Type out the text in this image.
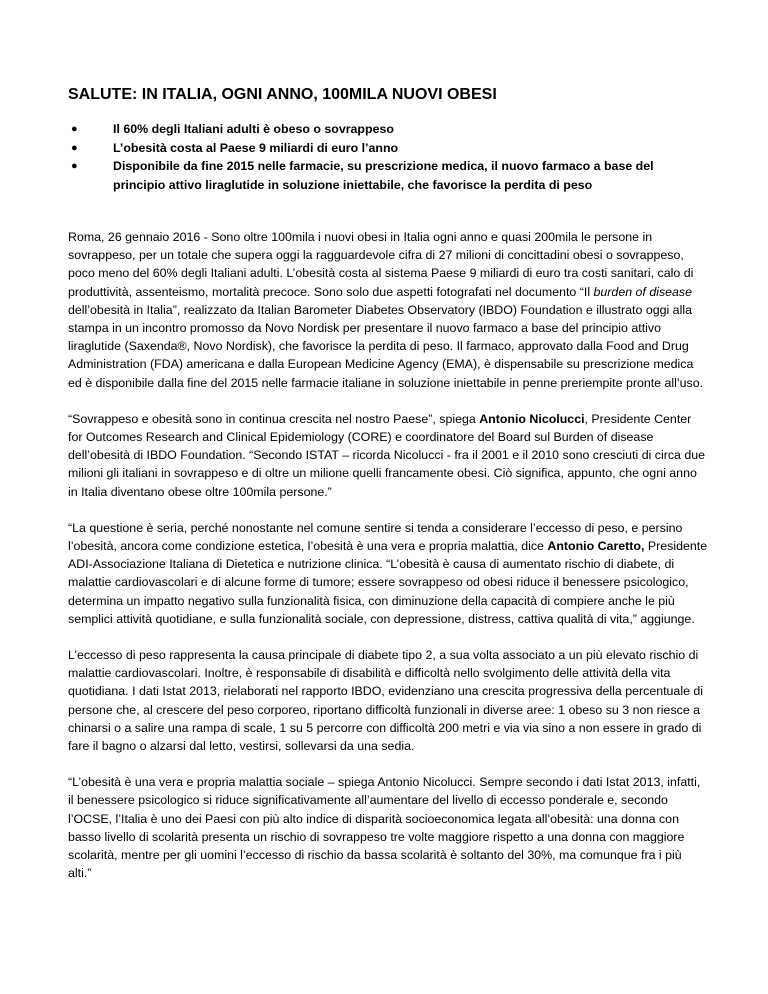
SALUTE: IN ITALIA, OGNI ANNO, 100MILA NUOVI OBESI
●	Il 60% degli Italiani adulti è obeso o sovrappeso
●	L’obesità costa al Paese 9 miliardi di euro l’anno
●	Disponibile da fine 2015 nelle farmacie, su prescrizione medica, il nuovo farmaco a base del principio attivo liraglutide in soluzione iniettabile, che favorisce la perdita di peso

Roma, 26 gennaio 2016 - Sono oltre 100mila i nuovi obesi in Italia ogni anno e quasi 200mila le persone in sovrappeso, per un totale che supera oggi la ragguardevole cifra di 27 milioni di concittadini obesi o sovrappeso, poco meno del 60% degli Italiani adulti. L’obesità costa al sistema Paese 9 miliardi di euro tra costi sanitari, calo di produttività, assenteismo, mortalità precoce. Sono solo due aspetti fotografati nel documento “Il burden of disease dell’obesità in Italia”, realizzato da Italian Barometer Diabetes Observatory (IBDO) Foundation e illustrato oggi alla stampa in un incontro promosso da Novo Nordisk per presentare il nuovo farmaco a base del principio attivo liraglutide (Saxenda®, Novo Nordisk), che favorisce la perdita di peso. Il farmaco, approvato dalla Food and Drug Administration (FDA) americana e dalla European Medicine Agency (EMA), è dispensabile su prescrizione medica ed è disponibile dalla fine del 2015 nelle farmacie italiane in soluzione iniettabile in penne preriempite pronte all’uso.

“Sovrappeso e obesità sono in continua crescita nel nostro Paese”, spiega Antonio Nicolucci, Presidente Center for Outcomes Research and Clinical Epidemiology (CORE) e coordinatore del Board sul Burden of disease dell’obesità di IBDO Foundation. “Secondo ISTAT – ricorda Nicolucci - fra il 2001 e il 2010 sono cresciuti di circa due milioni gli italiani in sovrappeso e di oltre un milione quelli francamente obesi. Ciò significa, appunto, che ogni anno in Italia diventano obese oltre 100mila persone.”

“La questione è seria, perché nonostante nel comune sentire si tenda a considerare l’eccesso di peso, e persino l’obesità, ancora come condizione estetica, l’obesità è una vera e propria malattia, dice Antonio Caretto, Presidente ADI-Associazione Italiana di Dietetica e nutrizione clinica. “L’obesità è causa di aumentato rischio di diabete, di malattie cardiovascolari e di alcune forme di tumore; essere sovrappeso od obesi riduce il benessere psicologico, determina un impatto negativo sulla funzionalità fisica, con diminuzione della capacità di compiere anche le più semplici attività quotidiane, e sulla funzionalità sociale, con depressione, distress, cattiva qualità di vita,” aggiunge.

L’eccesso di peso rappresenta la causa principale di diabete tipo 2, a sua volta associato a un più elevato rischio di malattie cardiovascolari. Inoltre, è responsabile di disabilità e difficoltà nello svolgimento delle attività della vita quotidiana. I dati Istat 2013, rielaborati nel rapporto IBDO, evidenziano una crescita progressiva della percentuale di persone che, al crescere del peso corporeo, riportano difficoltà funzionali in diverse aree: 1 obeso su 3 non riesce a chinarsi o a salire una rampa di scale, 1 su 5 percorre con difficoltà 200 metri e via via sino a non essere in grado di fare il bagno o alzarsi dal letto, vestirsi, sollevarsi da una sedia.

“L’obesità è una vera e propria malattia sociale – spiega Antonio Nicolucci. Sempre secondo i dati Istat 2013, infatti, il benessere psicologico si riduce significativamente all’aumentare del livello di eccesso ponderale e, secondo l’OCSE, l’Italia è uno dei Paesi con più alto indice di disparità socioeconomica legata all’obesità: una donna con basso livello di scolarità presenta un rischio di sovrappeso tre volte maggiore rispetto a una donna con maggiore scolarità, mentre per gli uomini l’eccesso di rischio da bassa scolarità è soltanto del 30%, ma comunque fra i più alti.”
